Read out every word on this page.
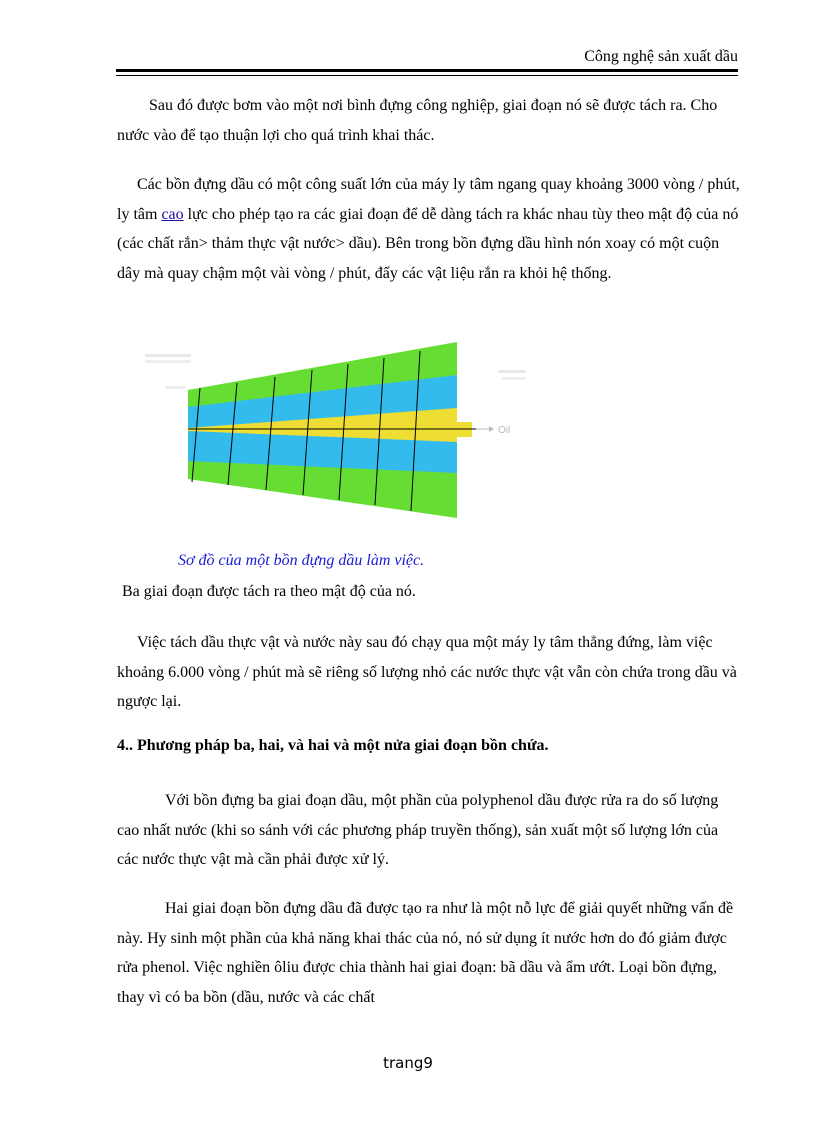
Công nghệ sản xuất dầu

Sau đó được bơm vào một nơi bình đựng công nghiệp, giai đoạn nó sẽ được tách ra. Cho nước vào để tạo thuận lợi cho quá trình khai thác.

Các bồn đựng dầu có một công suất lớn của máy ly tâm ngang quay khoảng 3000 vòng / phút, ly tâm cao lực cho phép tạo ra các giai đoạn để dễ dàng tách ra khác nhau tùy theo mật độ của nó (các chất rắn> thảm thực vật nước> dầu). Bên trong bồn đựng dầu hình nón xoay có một cuộn dây mà quay chậm một vài vòng / phút, đẩy các vật liệu rắn ra khỏi hệ thống.

Oil
Sơ đồ của một bồn đựng dầu làm việc.
Ba giai đoạn được tách ra theo mật độ của nó.

Việc tách dầu thực vật và nước này sau đó chạy qua một máy ly tâm thẳng đứng, làm việc khoảng 6.000 vòng / phút mà sẽ riêng số lượng nhỏ các nước thực vật vẫn còn chứa trong dầu và ngược lại.

4.. Phương pháp ba, hai, và hai và một nửa giai đoạn bồn chứa.

Với bồn đựng ba giai đoạn dầu, một phần của polyphenol dầu được rửa ra do số lượng cao nhất nước (khi so sánh với các phương pháp truyền thống), sản xuất một số lượng lớn của các nước thực vật mà cần phải được xử lý.

Hai giai đoạn bồn đựng dầu đã được tạo ra như là một nỗ lực để giải quyết những vấn đề này. Hy sinh một phần của khả năng khai thác của nó, nó sử dụng ít nước hơn do đó giảm được rửa phenol. Việc nghiền ôliu được chia thành hai giai đoạn: bã dầu và ẩm ướt. Loại bồn đựng, thay vì có ba bồn (dầu, nước và các chất

trang9
